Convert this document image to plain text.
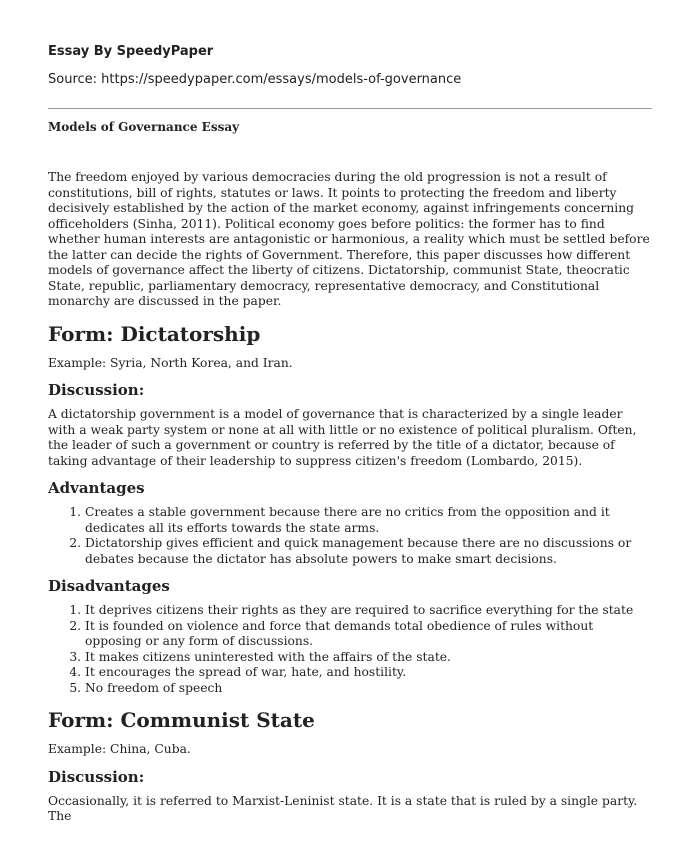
Essay By SpeedyPaper
Source: https://speedypaper.com/essays/models-of-governance
Models of Governance Essay

The freedom enjoyed by various democracies during the old progression is not a result of constitutions, bill of rights, statutes or laws. It points to protecting the freedom and liberty decisively established by the action of the market economy, against infringements concerning officeholders (Sinha, 2011). Political economy goes before politics: the former has to find whether human interests are antagonistic or harmonious, a reality which must be settled before the latter can decide the rights of Government. Therefore, this paper discusses how different models of governance affect the liberty of citizens. Dictatorship, communist State, theocratic State, republic, parliamentary democracy, representative democracy, and Constitutional monarchy are discussed in the paper.

Form: Dictatorship

Example: Syria, North Korea, and Iran.

Discussion:

A dictatorship government is a model of governance that is characterized by a single leader with a weak party system or none at all with little or no existence of political pluralism. Often, the leader of such a government or country is referred by the title of a dictator, because of taking advantage of their leadership to suppress citizen's freedom (Lombardo, 2015).

Advantages
1. Creates a stable government because there are no critics from the opposition and it dedicates all its efforts towards the state arms.
2. Dictatorship gives efficient and quick management because there are no discussions or debates because the dictator has absolute powers to make smart decisions.
Disadvantages
1. It deprives citizens their rights as they are required to sacrifice everything for the state
2. It is founded on violence and force that demands total obedience of rules without opposing or any form of discussions.
3. It makes citizens uninterested with the affairs of the state.
4. It encourages the spread of war, hate, and hostility.
5. No freedom of speech
Form: Communist State

Example: China, Cuba.

Discussion:

Occasionally, it is referred to Marxist-Leninist state. It is a state that is ruled by a single party. The
